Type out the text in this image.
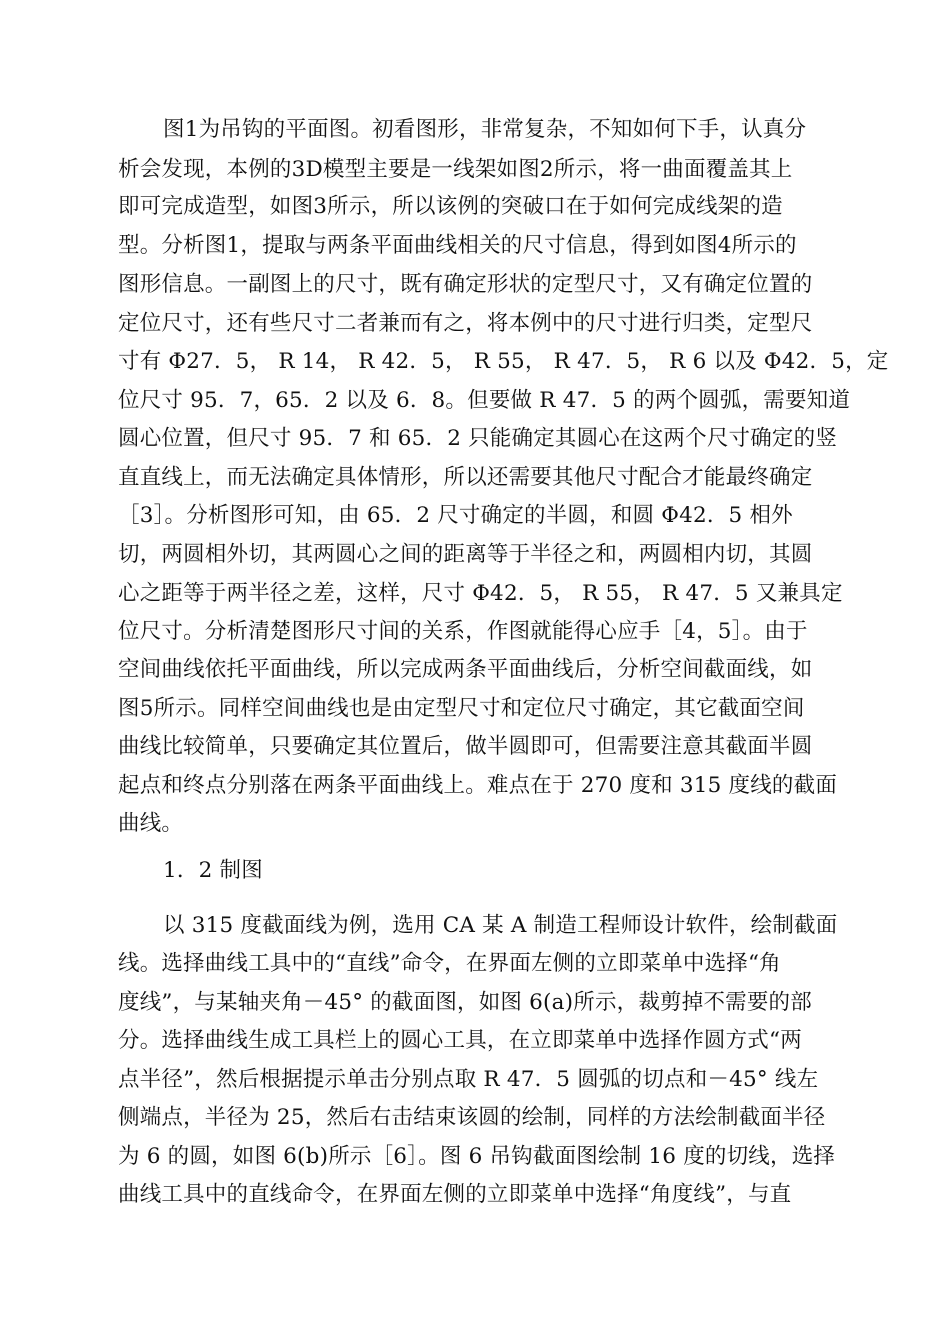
图1为吊钩的平面图。初看图形，非常复杂，不知如何下手，认真分
析会发现，本例的3D模型主要是一线架如图2所示，将一曲面覆盖其上
即可完成造型，如图3所示，所以该例的突破口在于如何完成线架的造
型。分析图1，提取与两条平面曲线相关的尺寸信息，得到如图4所示的
图形信息。一副图上的尺寸，既有确定形状的定型尺寸，又有确定位置的
定位尺寸，还有些尺寸二者兼而有之，将本例中的尺寸进行归类，定型尺
寸有 Φ27．5， R 14， R 42．5， R 55， R 47．5， R 6 以及 Φ42．5，定
位尺寸 95．7，65．2 以及 6．8。但要做 R 47．5 的两个圆弧，需要知道
圆心位置，但尺寸 95．7 和 65．2 只能确定其圆心在这两个尺寸确定的竖
直直线上，而无法确定具体情形，所以还需要其他尺寸配合才能最终确定
［3］。分析图形可知，由 65．2 尺寸确定的半圆，和圆 Φ42．5 相外
切，两圆相外切，其两圆心之间的距离等于半径之和，两圆相内切，其圆
心之距等于两半径之差，这样，尺寸 Φ42．5， R 55， R 47．5 又兼具定
位尺寸。分析清楚图形尺寸间的关系，作图就能得心应手［4，5］。由于
空间曲线依托平面曲线，所以完成两条平面曲线后，分析空间截面线，如
图5所示。同样空间曲线也是由定型尺寸和定位尺寸确定，其它截面空间
曲线比较简单，只要确定其位置后，做半圆即可，但需要注意其截面半圆
起点和终点分别落在两条平面曲线上。难点在于 270 度和 315 度线的截面
曲线。
1．2 制图
以 315 度截面线为例，选用 CA 某 A 制造工程师设计软件，绘制截面
线。选择曲线工具中的“直线”命令，在界面左侧的立即菜单中选择“角
度线”，与某轴夹角－45° 的截面图，如图 6(a)所示，裁剪掉不需要的部
分。选择曲线生成工具栏上的圆心工具，在立即菜单中选择作圆方式“两
点半径”，然后根据提示单击分别点取 R 47．5 圆弧的切点和－45° 线左
侧端点，半径为 25，然后右击结束该圆的绘制，同样的方法绘制截面半径
为 6 的圆，如图 6(b)所示［6］。图 6 吊钩截面图绘制 16 度的切线，选择
曲线工具中的直线命令，在界面左侧的立即菜单中选择“角度线”，与直
